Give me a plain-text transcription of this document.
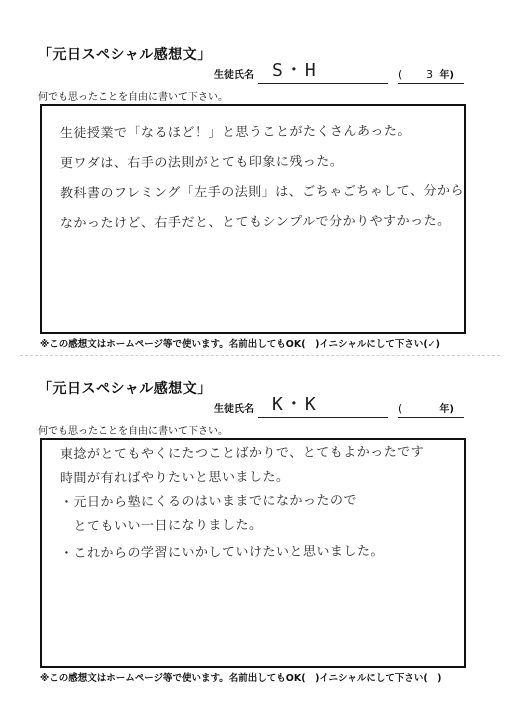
「元日スペシャル感想文」
生徒氏名 S・H	( 3 年)
何でも思ったことを自由に書いて下さい。
生徒授業で「なるほど！」と思うことがたくさんあった。
更ワダは、右手の法則がとても印象に残った。
教科書のフレミング「左手の法則」は、ごちゃごちゃして、分から
なかったけど、右手だと、とてもシンプルで分かりやすかった。
※この感想文はホームページ等で使います。名前出してもOK(　)イニシャルにして下さい(✓)
「元日スペシャル感想文」
生徒氏名 K・K	(	年)
何でも思ったことを自由に書いて下さい。
東捻がとてもやくにたつことばかりで、とてもよかったです
時間が有ればやりたいと思いました。
・元日から塾にくるのはいままでになかったので
　とてもいい一日になりました。
・これからの学習にいかしていけたいと思いました。
※この感想文はホームページ等で使います。名前出してもOK(　)イニシャルにして下さい(　)
